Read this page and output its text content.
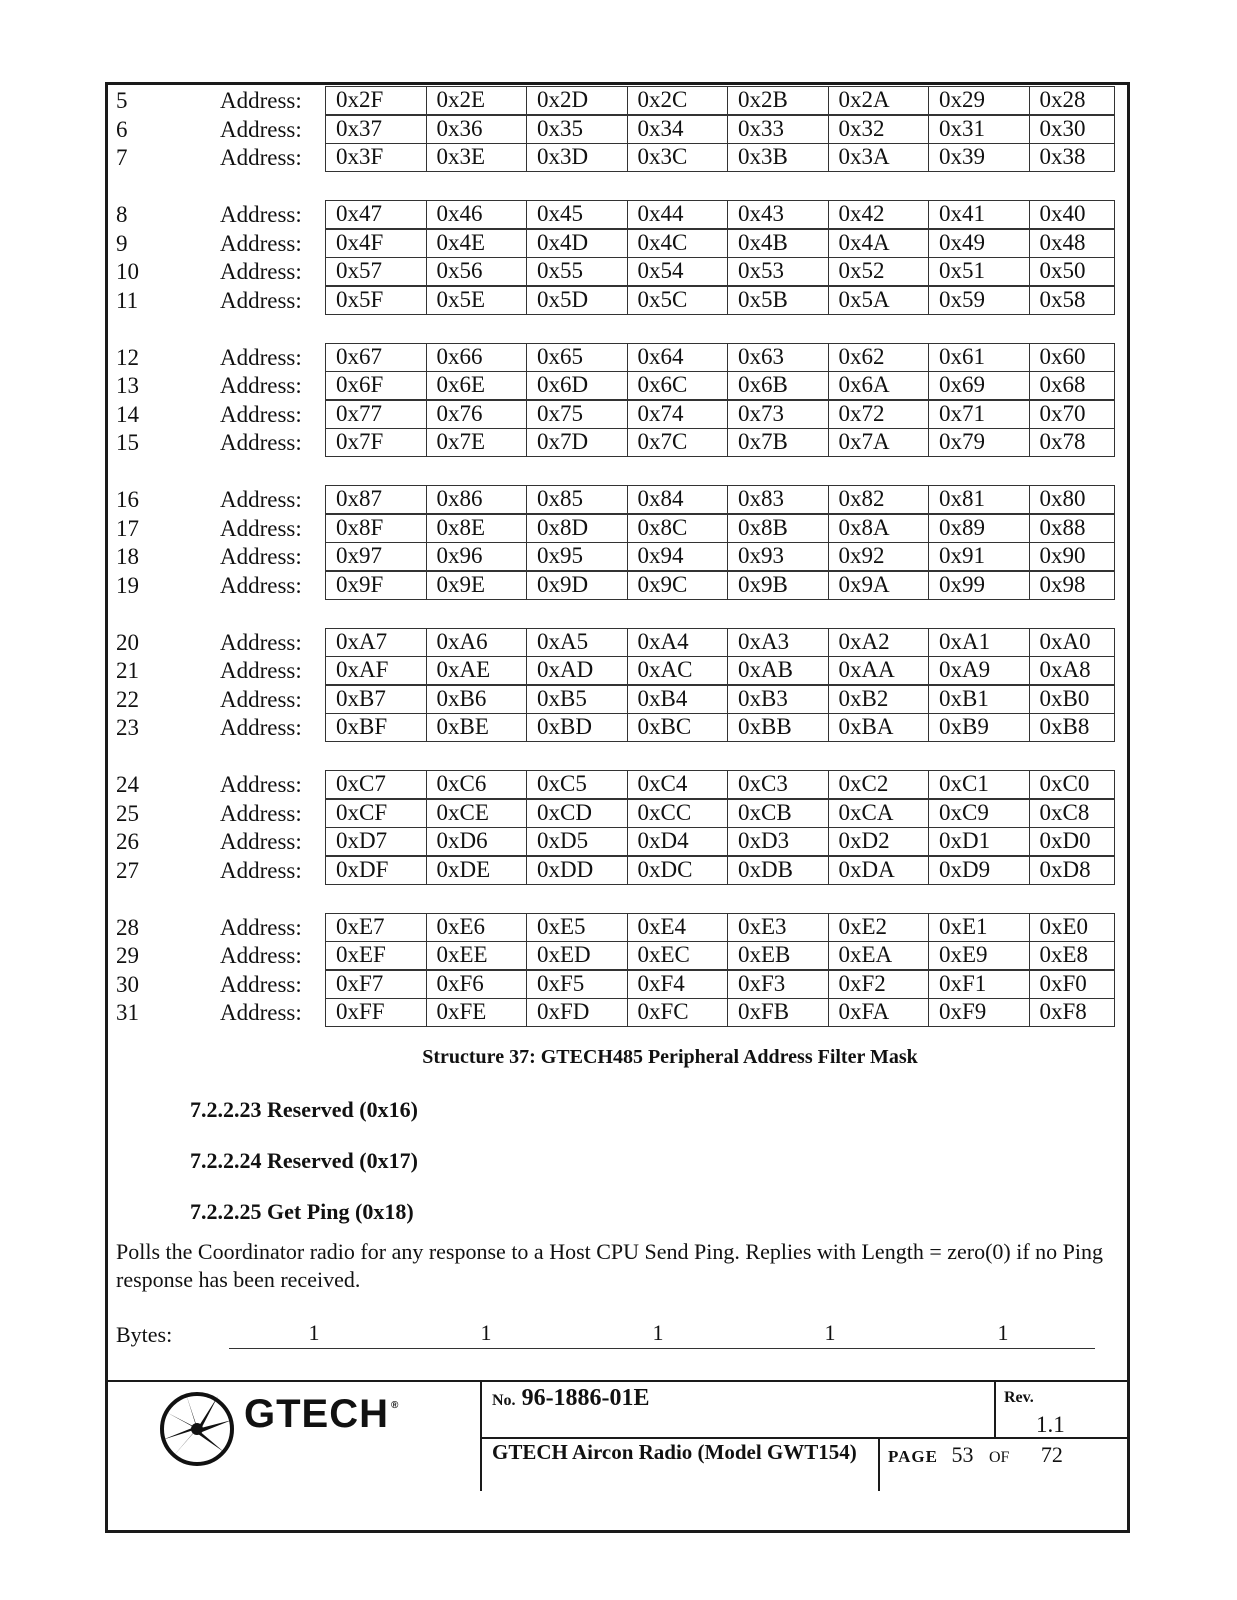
5	Address:	0x2F	0x2E	0x2D	0x2C	0x2B	0x2A	0x29	0x28
6	Address:	0x37	0x36	0x35	0x34	0x33	0x32	0x31	0x30
7	Address:	0x3F	0x3E	0x3D	0x3C	0x3B	0x3A	0x39	0x38
8	Address:	0x47	0x46	0x45	0x44	0x43	0x42	0x41	0x40
9	Address:	0x4F	0x4E	0x4D	0x4C	0x4B	0x4A	0x49	0x48
10	Address:	0x57	0x56	0x55	0x54	0x53	0x52	0x51	0x50
11	Address:	0x5F	0x5E	0x5D	0x5C	0x5B	0x5A	0x59	0x58
12	Address:	0x67	0x66	0x65	0x64	0x63	0x62	0x61	0x60
13	Address:	0x6F	0x6E	0x6D	0x6C	0x6B	0x6A	0x69	0x68
14	Address:	0x77	0x76	0x75	0x74	0x73	0x72	0x71	0x70
15	Address:	0x7F	0x7E	0x7D	0x7C	0x7B	0x7A	0x79	0x78
16	Address:	0x87	0x86	0x85	0x84	0x83	0x82	0x81	0x80
17	Address:	0x8F	0x8E	0x8D	0x8C	0x8B	0x8A	0x89	0x88
18	Address:	0x97	0x96	0x95	0x94	0x93	0x92	0x91	0x90
19	Address:	0x9F	0x9E	0x9D	0x9C	0x9B	0x9A	0x99	0x98
20	Address:	0xA7	0xA6	0xA5	0xA4	0xA3	0xA2	0xA1	0xA0
21	Address:	0xAF	0xAE	0xAD	0xAC	0xAB	0xAA	0xA9	0xA8
22	Address:	0xB7	0xB6	0xB5	0xB4	0xB3	0xB2	0xB1	0xB0
23	Address:	0xBF	0xBE	0xBD	0xBC	0xBB	0xBA	0xB9	0xB8
24	Address:	0xC7	0xC6	0xC5	0xC4	0xC3	0xC2	0xC1	0xC0
25	Address:	0xCF	0xCE	0xCD	0xCC	0xCB	0xCA	0xC9	0xC8
26	Address:	0xD7	0xD6	0xD5	0xD4	0xD3	0xD2	0xD1	0xD0
27	Address:	0xDF	0xDE	0xDD	0xDC	0xDB	0xDA	0xD9	0xD8
28	Address:	0xE7	0xE6	0xE5	0xE4	0xE3	0xE2	0xE1	0xE0
29	Address:	0xEF	0xEE	0xED	0xEC	0xEB	0xEA	0xE9	0xE8
30	Address:	0xF7	0xF6	0xF5	0xF4	0xF3	0xF2	0xF1	0xF0
31	Address:	0xFF	0xFE	0xFD	0xFC	0xFB	0xFA	0xF9	0xF8
Structure 37: GTECH485 Peripheral Address Filter Mask
7.2.2.23 Reserved (0x16)
7.2.2.24 Reserved (0x17)
7.2.2.25 Get Ping (0x18)
Polls the Coordinator radio for any response to a Host CPU Send Ping. Replies with Length = zero(0) if no Ping response has been received.
Bytes:	1	1	1	1	1
GTECH ®	No. 96-1886-01E	Rev.
1.1
GTECH Aircon Radio (Model GWT154) PAGE 53 OF 72
